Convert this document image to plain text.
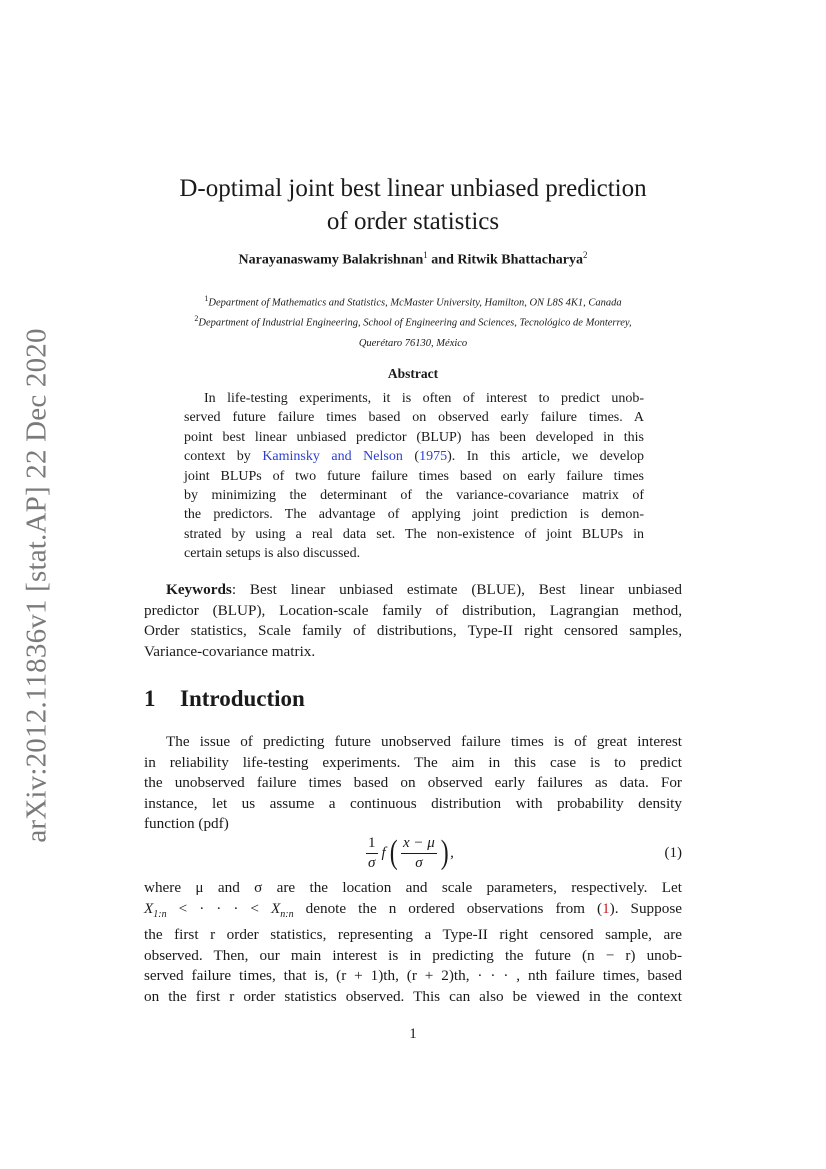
arXiv:2012.11836v1 [stat.AP] 22 Dec 2020
D-optimal joint best linear unbiased prediction
of order statistics
Narayanaswamy Balakrishnan$^1$ and Ritwik Bhattacharya$^2$
$^1$Department of Mathematics and Statistics, McMaster University, Hamilton, ON L8S 4K1, Canada
$^2$Department of Industrial Engineering, School of Engineering and Sciences, Tecnológico de Monterrey,
Querétaro 76130, México
Abstract
In life-testing experiments, it is often of interest to predict unob-
served future failure times based on observed early failure times. A
point best linear unbiased predictor (BLUP) has been developed in this
context by Kaminsky and Nelson (1975). In this article, we develop
joint BLUPs of two future failure times based on early failure times
by minimizing the determinant of the variance-covariance matrix of
the predictors. The advantage of applying joint prediction is demon-
strated by using a real data set. The non-existence of joint BLUPs in
certain setups is also discussed.
Keywords: Best linear unbiased estimate (BLUE), Best linear unbiased
predictor (BLUP), Location-scale family of distribution, Lagrangian method,
Order statistics, Scale family of distributions, Type-II right censored samples,
Variance-covariance matrix.
1 Introduction
The issue of predicting future unobserved failure times is of great interest
in reliability life-testing experiments. The aim in this case is to predict
the unobserved failure times based on observed early failures as data. For
instance, let us assume a continuous distribution with probability density
function (pdf)
$\frac{1}{\sigma}$ f ( $\frac{x - \mu}{\sigma}$ ) ,	(1)
where μ and σ are the location and scale parameters, respectively. Let
$X_{1:n}$ < · · · < $X_{n:n}$ denote the n ordered observations from (1). Suppose
the first r order statistics, representing a Type-II right censored sample, are
observed. Then, our main interest is in predicting the future (n − r) unob-
served failure times, that is, (r + 1)th, (r + 2)th, · · · , nth failure times, based
on the first r order statistics observed. This can also be viewed in the context
1
